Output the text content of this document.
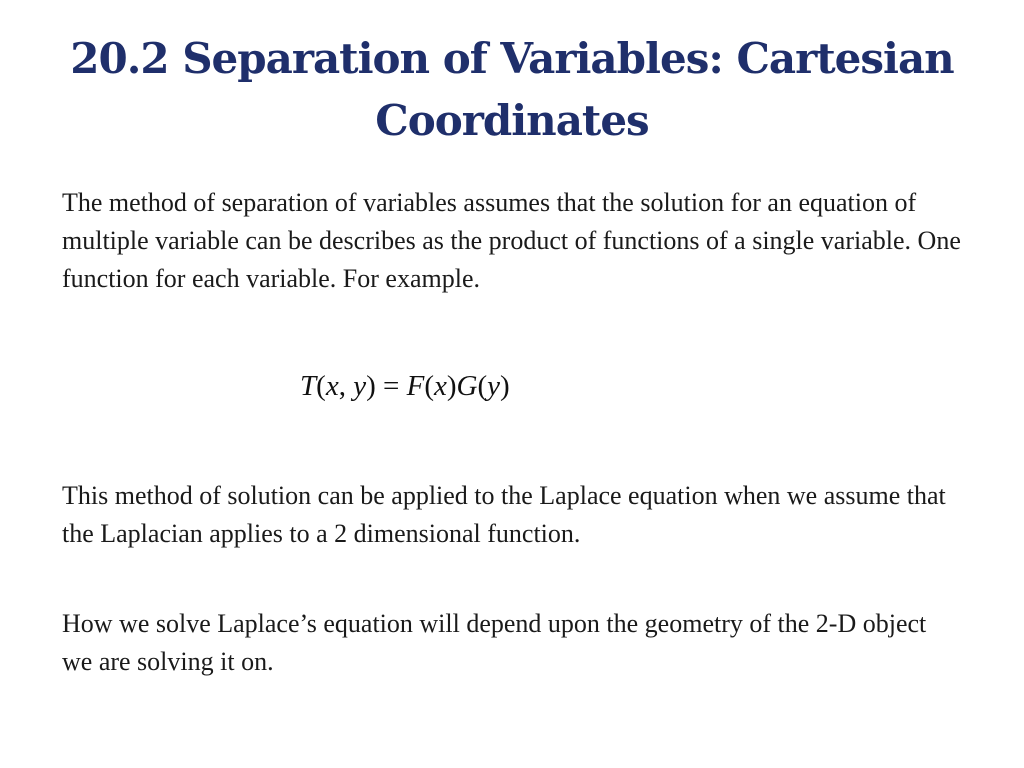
20.2 Separation of Variables: Cartesian Coordinates
The method of separation of variables assumes that the solution for an equation of multiple variable can be describes as the product of functions of a single variable. One function for each variable. For example.
T(x, y) = F(x)G(y)
This method of solution can be applied to the Laplace equation when we assume that the Laplacian applies to a 2 dimensional function.
How we solve Laplace’s equation will depend upon the geometry of the 2-D object we are solving it on.
